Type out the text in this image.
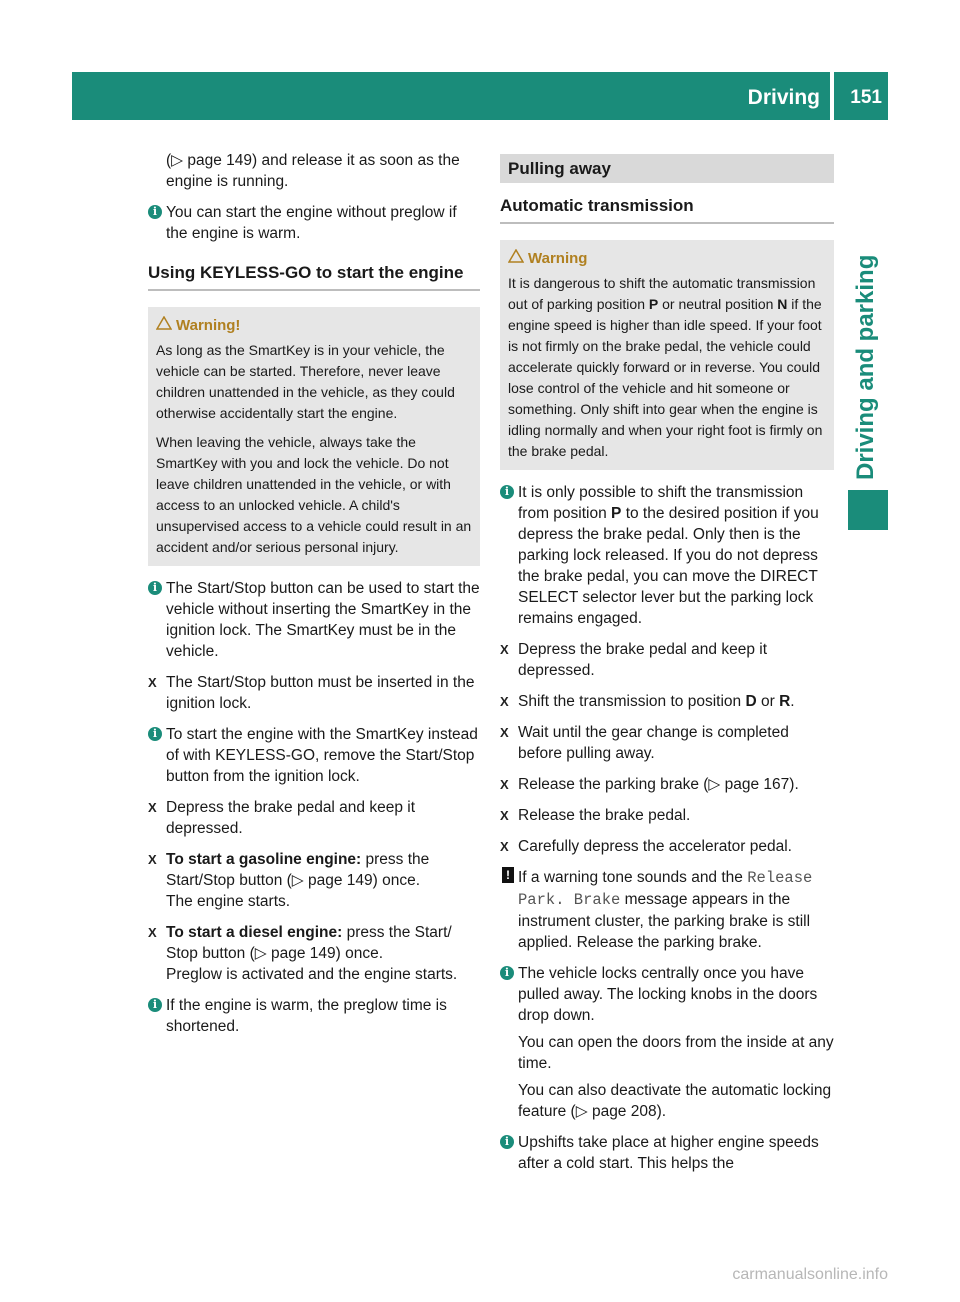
Driving 151
Driving and parking

(▷ page 149) and release it as soon as the engine is running.

i You can start the engine without preglow if the engine is warm.
Using KEYLESS-GO to start the engine
Warning!

As long as the SmartKey is in your vehicle, the vehicle can be started. Therefore, never leave children unattended in the vehicle, as they could otherwise accidentally start the engine.

When leaving the vehicle, always take the SmartKey with you and lock the vehicle. Do not leave children unattended in the vehicle, or with access to an unlocked vehicle. A child's unsupervised access to a vehicle could result in an accident and/or serious personal injury.

i The Start/Stop button can be used to start the vehicle without inserting the SmartKey in the ignition lock. The SmartKey must be in the vehicle.
X The Start/Stop button must be inserted in the ignition lock.
i To start the engine with the SmartKey instead of with KEYLESS-GO, remove the Start/Stop button from the ignition lock.
X Depress the brake pedal and keep it depressed.
X To start a gasoline engine: press the Start/Stop button (▷ page 149) once.
The engine starts.
X To start a diesel engine: press the Start/ Stop button (▷ page 149) once.
Preglow is activated and the engine starts.
i If the engine is warm, the preglow time is shortened.
Pulling away
Automatic transmission
Warning

It is dangerous to shift the automatic transmission out of parking position P or neutral position N if the engine speed is higher than idle speed. If your foot is not firmly on the brake pedal, the vehicle could accelerate quickly forward or in reverse. You could lose control of the vehicle and hit someone or something. Only shift into gear when the engine is idling normally and when your right foot is firmly on the brake pedal.

i It is only possible to shift the transmission from position P to the desired position if you depress the brake pedal. Only then is the parking lock released. If you do not depress the brake pedal, you can move the DIRECT SELECT selector lever but the parking lock remains engaged.
X Depress the brake pedal and keep it depressed.
X Shift the transmission to position D or R.
X Wait until the gear change is completed before pulling away.
X Release the parking brake (▷ page 167).
X Release the brake pedal.
X Carefully depress the accelerator pedal.
! If a warning tone sounds and the Release Park. Brake message appears in the instrument cluster, the parking brake is still applied. Release the parking brake.
i The vehicle locks centrally once you have pulled away. The locking knobs in the doors drop down.

You can open the doors from the inside at any time.

You can also deactivate the automatic locking feature (▷ page 208).

i Upshifts take place at higher engine speeds after a cold start. This helps the
carmanualsonline.info
